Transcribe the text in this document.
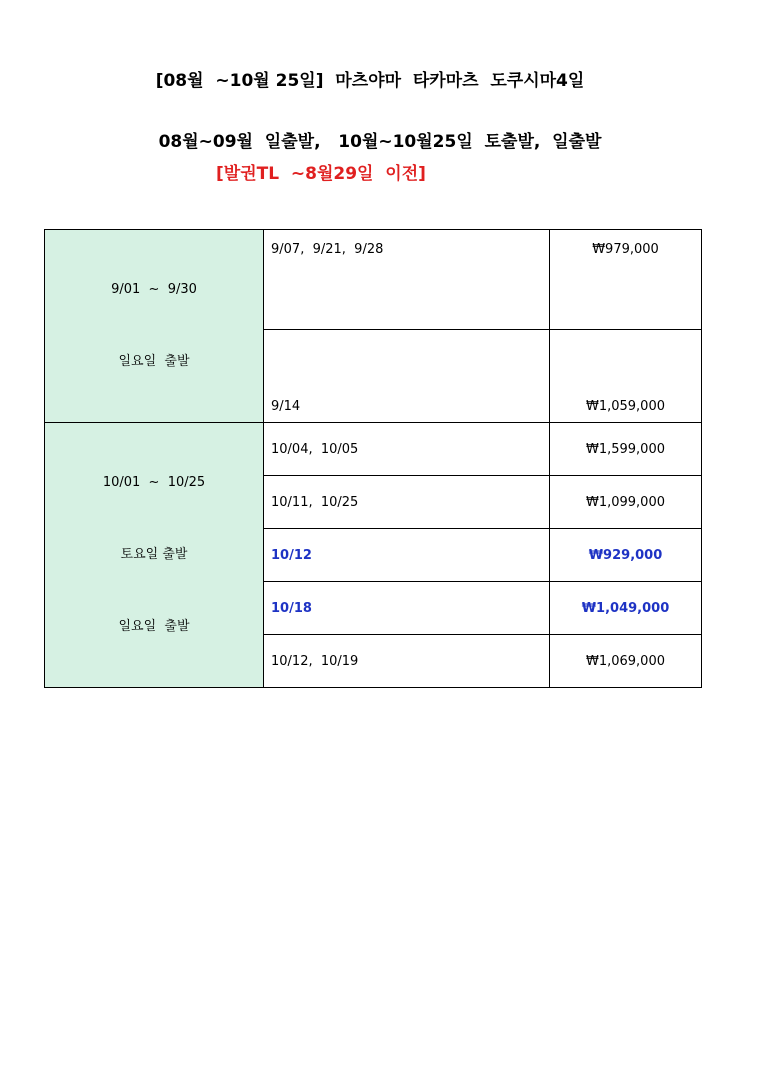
[08월  ~10월 25일]  마츠야마  타카마츠  도쿠시마4일
08월~09월  일출발,   10월~10월25일  토출발,  일출발
[발권TL  ~8월29일  이전]

9/01  ~  9/30

일요일  출발	9/07,  9/21,  9/28	₩979,000
	9/14	₩1,059,000

10/01  ~  10/25

토요일 출발

일요일  출발	10/04,  10/05	₩1,599,000
	10/11,  10/25	₩1,099,000
	10/12	₩929,000
	10/18	₩1,049,000
	10/12,  10/19	₩1,069,000
